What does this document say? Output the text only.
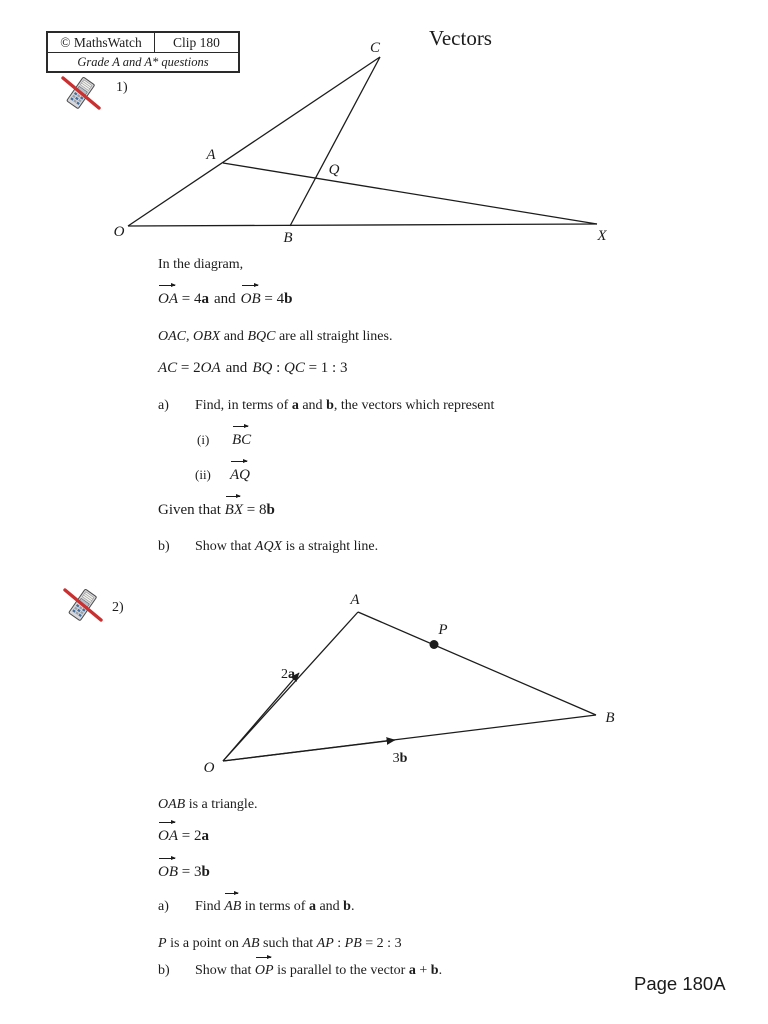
C
A
Q
O	B	X
A
P
B
O
2a
3b
© MathsWatch	Clip 180
Grade A and A* questions
Vectors
1)
2)
In the diagram,
OA = 4a and OB = 4b
OAC, OBX and BQC are all straight lines.
AC = 2OA and BQ : QC = 1 : 3
a) Find, in terms of a and b, the vectors which represent
(i) BC
(ii) AQ
Given that
BX = 8b
b) Show that AQX is a straight line.
OAB is a triangle.
OA = 2a
OB = 3b
a) Find
AB in terms of a and b.
P is a point on AB such that AP : PB = 2 : 3
b) Show that
OP is parallel to the vector a + b.
Page 180A
